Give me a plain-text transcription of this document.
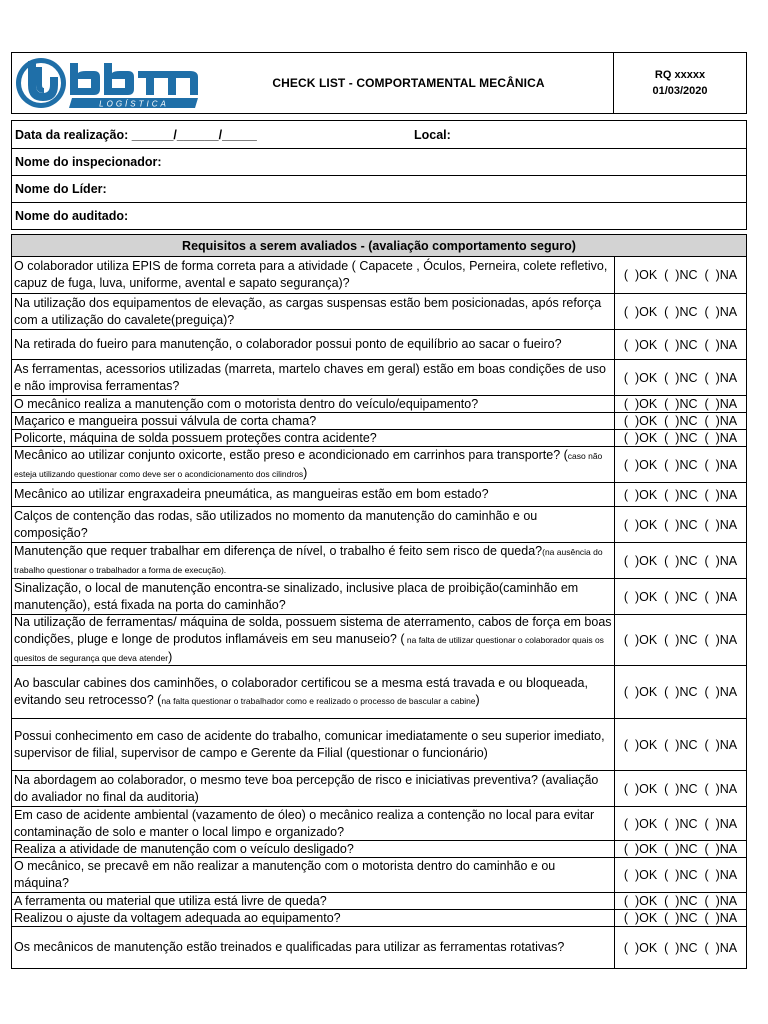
LOGÍSTICA
CHECK LIST - COMPORTAMENTAL MECÂNICA
RQ xxxxx
01/03/2020
Data da realização: ______/______/_____	Local:
Nome do inspecionador:
Nome do Líder:
Nome do auditado:
Requisitos a serem avaliados - (avaliação comportamento seguro)
O colaborador utiliza EPIS de forma correta para a atividade ( Capacete , Óculos, Perneira, colete refletivo, capuz de fuga, luva, uniforme, avental e sapato segurança)?
(  )OK  (  )NC  (  )NA
Na utilização dos equipamentos de elevação, as cargas suspensas estão bem posicionadas, após reforça com a utilização do cavalete(preguiça)?
(  )OK  (  )NC  (  )NA
Na retirada do fueiro para manutenção, o colaborador possui ponto de equilíbrio ao sacar o fueiro?	(  )OK  (  )NC  (  )NA
As ferramentas, acessorios utilizadas (marreta, martelo chaves em geral) estão em boas condições de uso e não improvisa ferramentas?
(  )OK  (  )NC  (  )NA
O mecânico realiza a manutenção com o motorista dentro do veículo/equipamento?	(  )OK  (  )NC  (  )NA
Maçarico e mangueira possui válvula de corta chama?	(  )OK  (  )NC  (  )NA
Policorte, máquina de solda possuem proteções contra acidente?	(  )OK  (  )NC  (  )NA
Mecânico ao utilizar conjunto oxicorte, estão preso e acondicionado em carrinhos para transporte? (caso não esteja utilizando questionar como deve ser o acondicionamento dos cilindros)
(  )OK  (  )NC  (  )NA
Mecânico ao utilizar engraxadeira pneumática, as mangueiras estão em bom estado?	(  )OK  (  )NC  (  )NA
Calços de contenção das rodas, são utilizados no momento da manutenção do caminhão e ou composição?
(  )OK  (  )NC  (  )NA
Manutenção que requer trabalhar em diferença de nível, o trabalho é feito sem risco de queda?(na ausência do trabalho questionar o trabalhador a forma de execução).
(  )OK  (  )NC  (  )NA
Sinalização, o local de manutenção encontra-se sinalizado, inclusive placa de proibição(caminhão em manutenção), está fixada na porta do caminhão?
(  )OK  (  )NC  (  )NA
Na utilização de ferramentas/ máquina de solda, possuem sistema de aterramento, cabos de força em boas condições, pluge e longe de produtos inflamáveis em seu manuseio? ( na falta de utilizar questionar o colaborador quais os quesitos de segurança que deva atender)
(  )OK  (  )NC  (  )NA
Ao bascular cabines dos caminhões, o colaborador certificou se a mesma está travada e ou bloqueada, evitando seu retrocesso? (na falta questionar o trabalhador como e realizado o processo de bascular a cabine)
(  )OK  (  )NC  (  )NA
Possui conhecimento em caso de acidente do trabalho, comunicar imediatamente o seu superior imediato, supervisor de filial, supervisor de campo e Gerente da Filial (questionar o funcionário)
(  )OK  (  )NC  (  )NA
Na abordagem ao colaborador, o mesmo teve boa percepção de risco e iniciativas preventiva? (avaliação do avaliador no final da auditoria)
(  )OK  (  )NC  (  )NA
Em caso de acidente ambiental (vazamento de óleo) o mecânico realiza a contenção no local para evitar contaminação de solo e manter o local limpo e organizado?
(  )OK  (  )NC  (  )NA
Realiza a atividade de manutenção com o veículo desligado?	(  )OK  (  )NC  (  )NA
O mecânico, se precavê em não realizar a manutenção com o motorista dentro do caminhão e ou máquina?
(  )OK  (  )NC  (  )NA
A ferramenta ou material que utiliza está livre de queda?	(  )OK  (  )NC  (  )NA
Realizou o ajuste da voltagem adequada ao equipamento?	(  )OK  (  )NC  (  )NA
Os mecânicos de manutenção estão treinados e qualificadas para utilizar as ferramentas rotativas?	(  )OK  (  )NC  (  )NA
